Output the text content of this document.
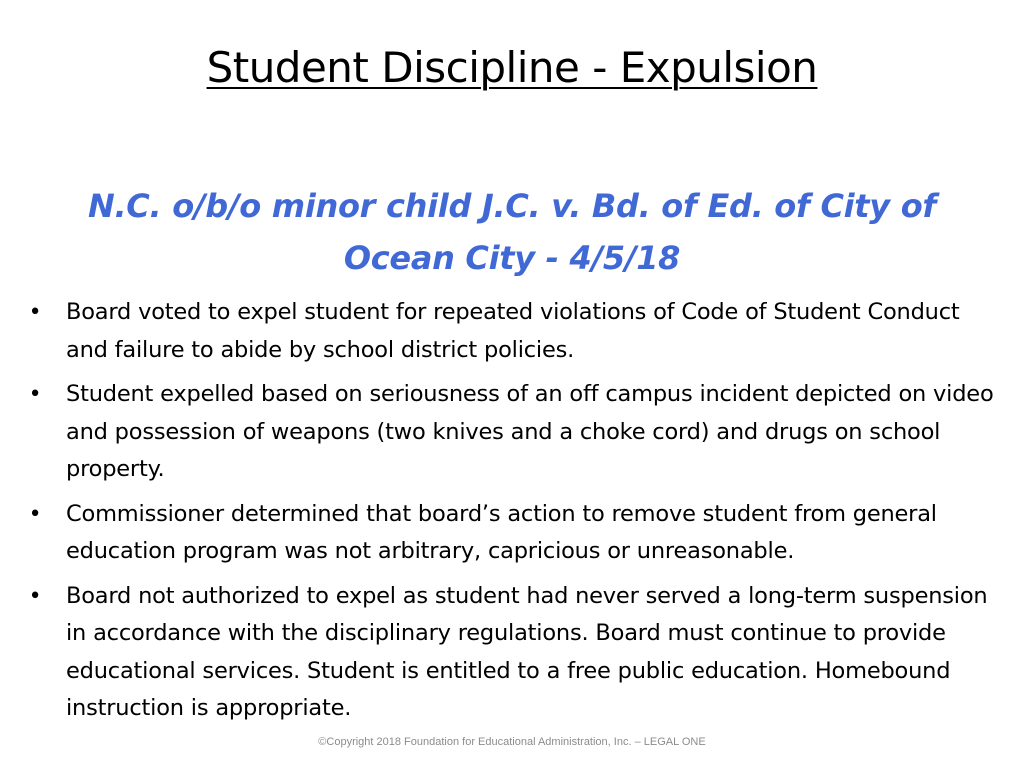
Student Discipline - Expulsion
N.C. o/b/o minor child J.C. v. Bd. of Ed. of City of
Ocean City - 4/5/18
• Board voted to expel student for repeated violations of Code of Student Conduct and failure to abide by school district policies.
• Student expelled based on seriousness of an off campus incident depicted on video and possession of weapons (two knives and a choke cord) and drugs on school property.
• Commissioner determined that board’s action to remove student from general education program was not arbitrary, capricious or unreasonable.
• Board not authorized to expel as student had never served a long-term suspension in accordance with the disciplinary regulations. Board must continue to provide educational services. Student is entitled to a free public education. Homebound instruction is appropriate.
©Copyright 2018 Foundation for Educational Administration, Inc. – LEGAL ONE
